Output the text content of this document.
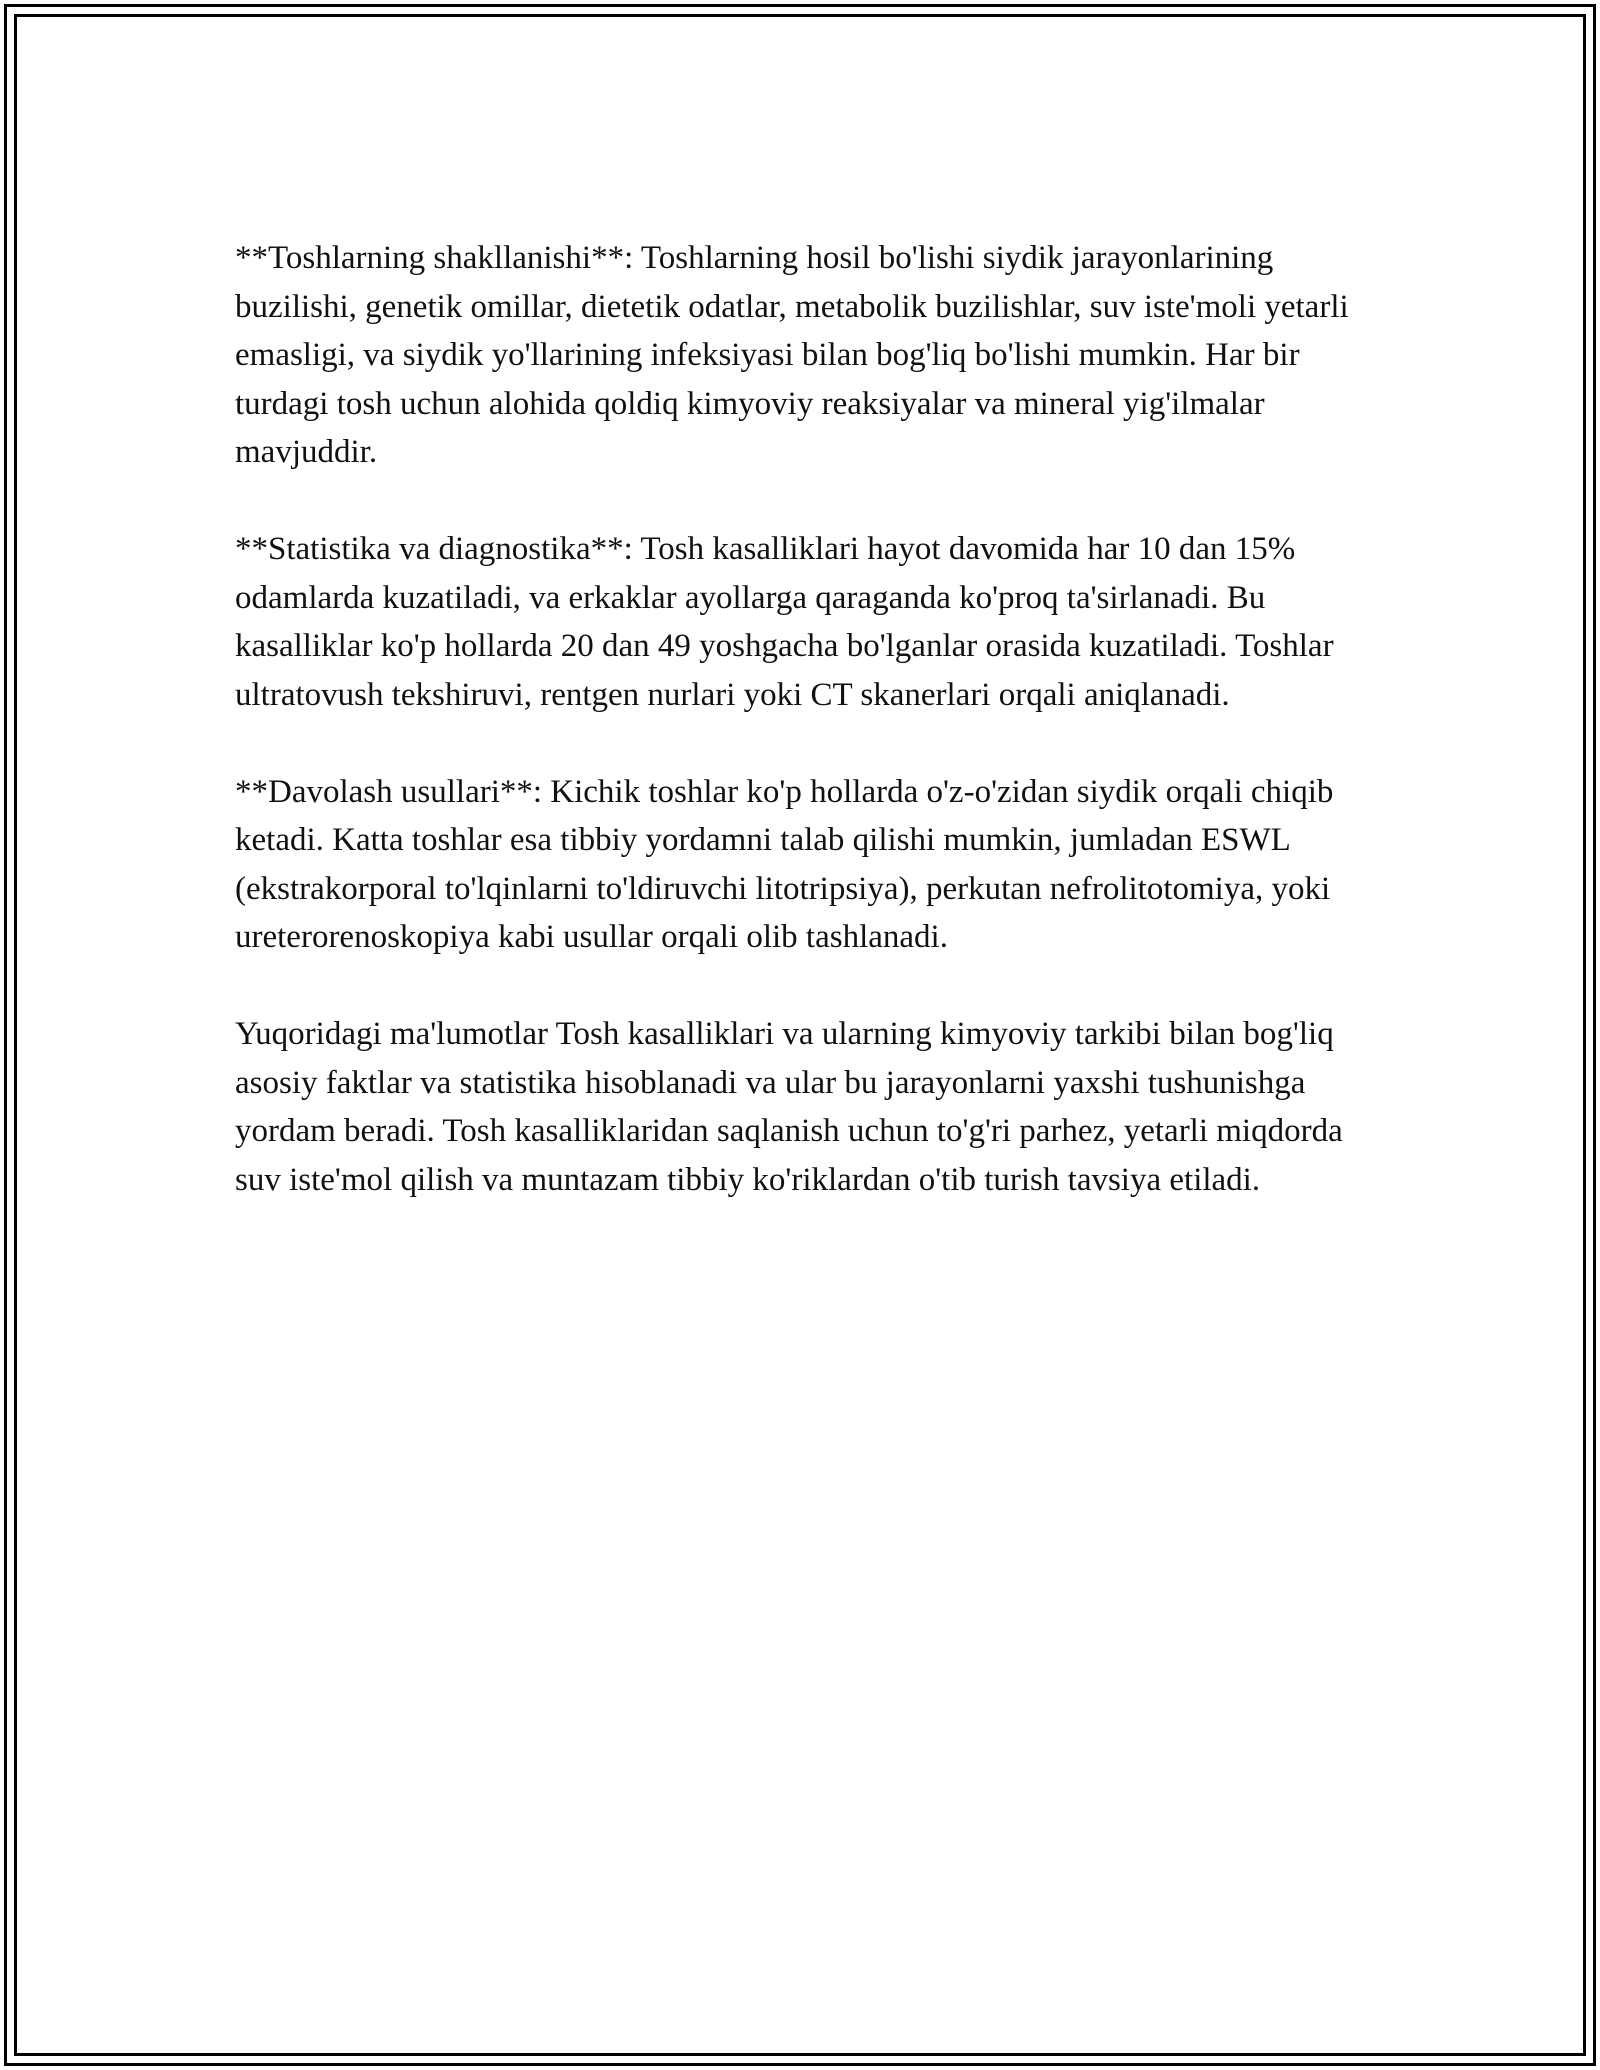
**Toshlarning shakllanishi**: Toshlarning hosil bo'lishi siydik jarayonlarining buzilishi, genetik omillar, dietetik odatlar, metabolik buzilishlar, suv iste'moli yetarli emasligi, va siydik yo'llarining infeksiyasi bilan bog'liq bo'lishi mumkin. Har bir turdagi tosh uchun alohida qoldiq kimyoviy reaksiyalar va mineral yig'ilmalar mavjuddir.

**Statistika va diagnostika**: Tosh kasalliklari hayot davomida har 10 dan 15% odamlarda kuzatiladi, va erkaklar ayollarga qaraganda ko'proq ta'sirlanadi. Bu kasalliklar ko'p hollarda 20 dan 49 yoshgacha bo'lganlar orasida kuzatiladi. Toshlar ultratovush tekshiruvi, rentgen nurlari yoki CT skanerlari orqali aniqlanadi.

**Davolash usullari**: Kichik toshlar ko'p hollarda o'z-o'zidan siydik orqali chiqib ketadi. Katta toshlar esa tibbiy yordamni talab qilishi mumkin, jumladan ESWL (ekstrakorporal to'lqinlarni to'ldiruvchi litotripsiya), perkutan nefrolitotomiya, yoki ureterorenoskopiya kabi usullar orqali olib tashlanadi.

Yuqoridagi ma'lumotlar Tosh kasalliklari va ularning kimyoviy tarkibi bilan bog'liq asosiy faktlar va statistika hisoblanadi va ular bu jarayonlarni yaxshi tushunishga yordam beradi. Tosh kasalliklaridan saqlanish uchun to'g'ri parhez, yetarli miqdorda suv iste'mol qilish va muntazam tibbiy ko'riklardan o'tib turish tavsiya etiladi.
